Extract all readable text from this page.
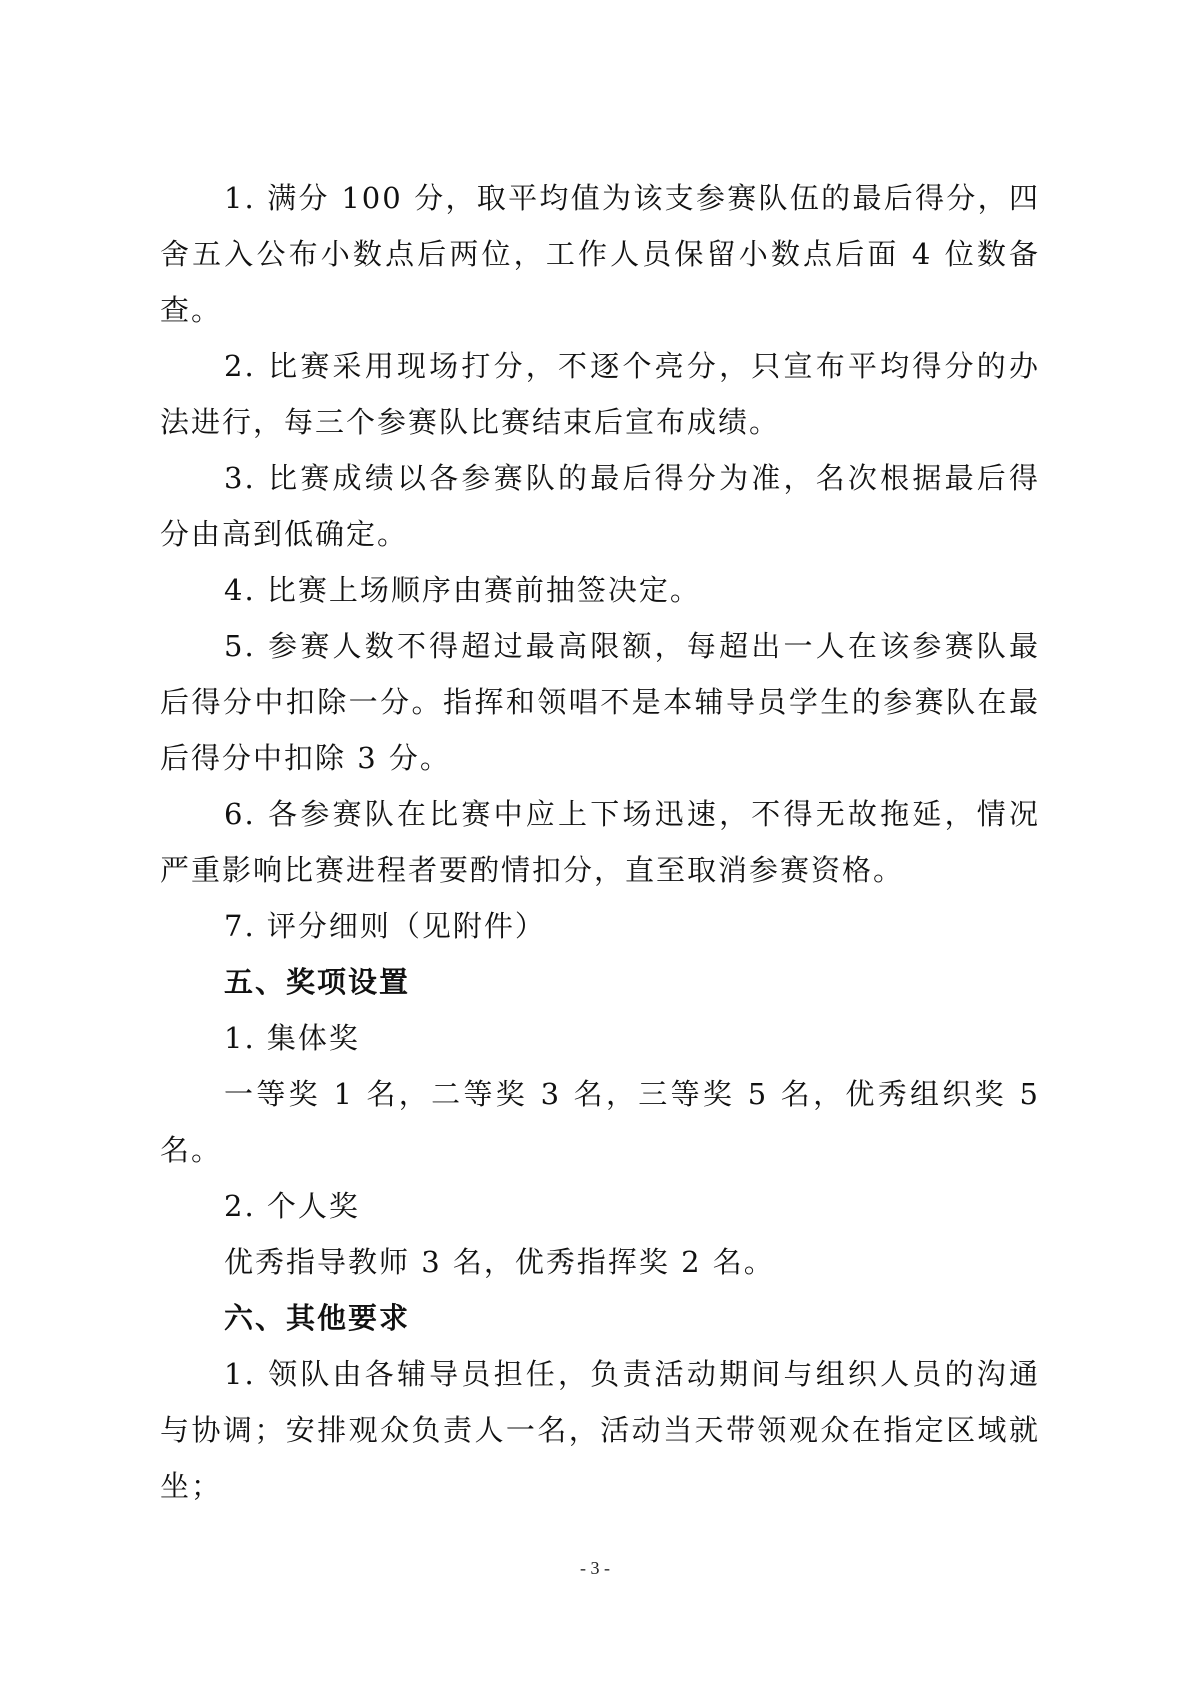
1. 满分 100 分，取平均值为该支参赛队伍的最后得分，四舍五入公布小数点后两位，工作人员保留小数点后面 4 位数备查。

2. 比赛采用现场打分，不逐个亮分，只宣布平均得分的办法进行，每三个参赛队比赛结束后宣布成绩。

3. 比赛成绩以各参赛队的最后得分为准，名次根据最后得分由高到低确定。

4. 比赛上场顺序由赛前抽签决定。

5. 参赛人数不得超过最高限额，每超出一人在该参赛队最后得分中扣除一分。指挥和领唱不是本辅导员学生的参赛队在最后得分中扣除 3 分。

6. 各参赛队在比赛中应上下场迅速，不得无故拖延，情况严重影响比赛进程者要酌情扣分，直至取消参赛资格。

7. 评分细则（见附件）

五、奖项设置

1. 集体奖

一等奖 1 名，二等奖 3 名，三等奖 5 名，优秀组织奖 5 名。

2. 个人奖

优秀指导教师 3 名，优秀指挥奖 2 名。

六、其他要求

1. 领队由各辅导员担任，负责活动期间与组织人员的沟通与协调；安排观众负责人一名，活动当天带领观众在指定区域就坐；

- 3 -
